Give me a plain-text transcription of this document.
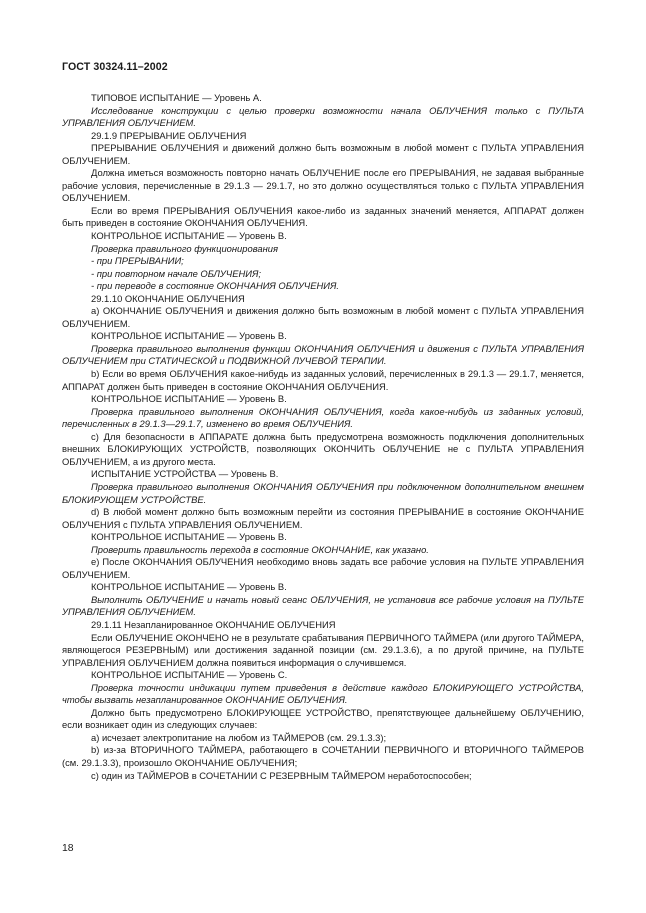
ГОСТ 30324.11–2002

ТИПОВОЕ ИСПЫТАНИЕ — Уровень А.

Исследование конструкции с целью проверки возможности начала ОБЛУЧЕНИЯ только с ПУЛЬТА УПРАВЛЕНИЯ ОБЛУЧЕНИЕМ.

29.1.9 ПРЕРЫВАНИЕ ОБЛУЧЕНИЯ

ПРЕРЫВАНИЕ ОБЛУЧЕНИЯ и движений должно быть возможным в любой момент с ПУЛЬТА УПРАВЛЕНИЯ ОБЛУЧЕНИЕМ.

Должна иметься возможность повторно начать ОБЛУЧЕНИЕ после его ПРЕРЫВАНИЯ, не задавая выбранные рабочие условия, перечисленные в 29.1.3 — 29.1.7, но это должно осуществляться только с ПУЛЬТА УПРАВЛЕНИЯ ОБЛУЧЕНИЕМ.

Если во время ПРЕРЫВАНИЯ ОБЛУЧЕНИЯ какое-либо из заданных значений меняется, АППАРАТ должен быть приведен в состояние ОКОНЧАНИЯ ОБЛУЧЕНИЯ.

КОНТРОЛЬНОЕ ИСПЫТАНИЕ — Уровень В.

Проверка правильного функционирования

- при ПРЕРЫВАНИИ;

- при повторном начале ОБЛУЧЕНИЯ;

- при переводе в состояние ОКОНЧАНИЯ ОБЛУЧЕНИЯ.

29.1.10 ОКОНЧАНИЕ ОБЛУЧЕНИЯ

а) ОКОНЧАНИЕ ОБЛУЧЕНИЯ и движения должно быть возможным в любой момент с ПУЛЬТА УПРАВЛЕНИЯ ОБЛУЧЕНИЕМ.

КОНТРОЛЬНОЕ ИСПЫТАНИЕ — Уровень В.

Проверка правильного выполнения функции ОКОНЧАНИЯ ОБЛУЧЕНИЯ и движения с ПУЛЬТА УПРАВЛЕНИЯ ОБЛУЧЕНИЕМ при СТАТИЧЕСКОЙ и ПОДВИЖНОЙ ЛУЧЕВОЙ ТЕРАПИИ.

b) Если во время ОБЛУЧЕНИЯ какое-нибудь из заданных условий, перечисленных в 29.1.3 — 29.1.7, меняется, АППАРАТ должен быть приведен в состояние ОКОНЧАНИЯ ОБЛУЧЕНИЯ.

КОНТРОЛЬНОЕ ИСПЫТАНИЕ — Уровень В.

Проверка правильного выполнения ОКОНЧАНИЯ ОБЛУЧЕНИЯ, когда какое-нибудь из заданных условий, перечисленных в 29.1.3—29.1.7, изменено во время ОБЛУЧЕНИЯ.

с) Для безопасности в АППАРАТЕ должна быть предусмотрена возможность подключения дополнительных внешних БЛОКИРУЮЩИХ УСТРОЙСТВ, позволяющих ОКОНЧИТЬ ОБЛУЧЕНИЕ не с ПУЛЬТА УПРАВЛЕНИЯ ОБЛУЧЕНИЕМ, а из другого места.

ИСПЫТАНИЕ УСТРОЙСТВА — Уровень В.

Проверка правильного выполнения ОКОНЧАНИЯ ОБЛУЧЕНИЯ при подключенном дополнительном внешнем БЛОКИРУЮЩЕМ УСТРОЙСТВЕ.

d) В любой момент должно быть возможным перейти из состояния ПРЕРЫВАНИЕ в состояние ОКОНЧАНИЕ ОБЛУЧЕНИЯ с ПУЛЬТА УПРАВЛЕНИЯ ОБЛУЧЕНИЕМ.

КОНТРОЛЬНОЕ ИСПЫТАНИЕ — Уровень В.

Проверить правильность перехода в состояние ОКОНЧАНИЕ, как указано.

е) После ОКОНЧАНИЯ ОБЛУЧЕНИЯ необходимо вновь задать все рабочие условия на ПУЛЬТЕ УПРАВЛЕНИЯ ОБЛУЧЕНИЕМ.

КОНТРОЛЬНОЕ ИСПЫТАНИЕ — Уровень В.

Выполнить ОБЛУЧЕНИЕ и начать новый сеанс ОБЛУЧЕНИЯ, не установив все рабочие условия на ПУЛЬТЕ УПРАВЛЕНИЯ ОБЛУЧЕНИЕМ.

29.1.11 Незапланированное ОКОНЧАНИЕ ОБЛУЧЕНИЯ

Если ОБЛУЧЕНИЕ ОКОНЧЕНО не в результате срабатывания ПЕРВИЧНОГО ТАЙМЕРА (или другого ТАЙМЕРА, являющегося РЕЗЕРВНЫМ) или достижения заданной позиции (см. 29.1.3.6), а по другой причине, на ПУЛЬТЕ УПРАВЛЕНИЯ ОБЛУЧЕНИЕМ должна появиться информация о случившемся.

КОНТРОЛЬНОЕ ИСПЫТАНИЕ — Уровень С.

Проверка точности индикации путем приведения в действие каждого БЛОКИРУЮЩЕГО УСТРОЙСТВА, чтобы вызвать незапланированное ОКОНЧАНИЕ ОБЛУЧЕНИЯ.

Должно быть предусмотрено БЛОКИРУЮЩЕЕ УСТРОЙСТВО, препятствующее дальнейшему ОБЛУЧЕНИЮ, если возникает один из следующих случаев:

а) исчезает электропитание на любом из ТАЙМЕРОВ (см. 29.1.3.3);

b) из-за ВТОРИЧНОГО ТАЙМЕРА, работающего в СОЧЕТАНИИ ПЕРВИЧНОГО И ВТОРИЧНОГО ТАЙМЕРОВ (см. 29.1.3.3), произошло ОКОНЧАНИЕ ОБЛУЧЕНИЯ;

с) один из ТАЙМЕРОВ в СОЧЕТАНИИ С РЕЗЕРВНЫМ ТАЙМЕРОМ неработоспособен;

18
